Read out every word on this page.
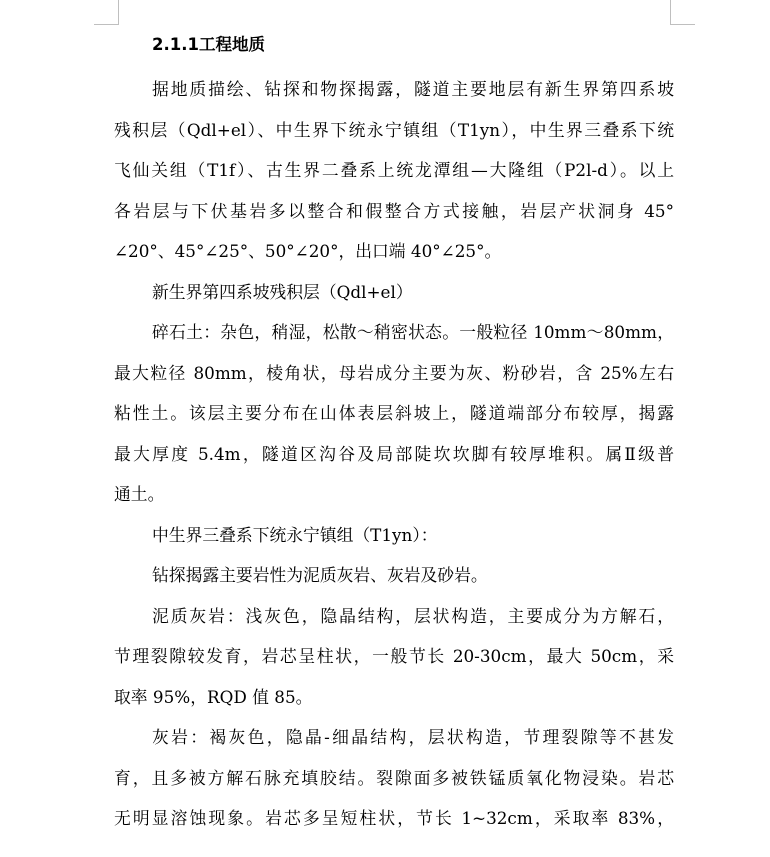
2.1.1工程地质
据地质描绘、钻探和物探揭露，隧道主要地层有新生界第四系坡
残积层（Qdl+el）、中生界下统永宁镇组（T1yn），中生界三叠系下统
飞仙关组（T1f）、古生界二叠系上统龙潭组—大隆组（P2l-d）。以上
各岩层与下伏基岩多以整合和假整合方式接触，岩层产状洞身 45°
∠20°、45°∠25°、50°∠20°，出口端 40°∠25°。
新生界第四系坡残积层（Qdl+el）
碎石土：杂色，稍湿，松散～稍密状态。一般粒径 10mm～80mm，
最大粒径 80mm，棱角状，母岩成分主要为灰、粉砂岩，含 25%左右
粘性土。该层主要分布在山体表层斜坡上，隧道端部分布较厚，揭露
最大厚度 5.4m，隧道区沟谷及局部陡坎坎脚有较厚堆积。属Ⅱ级普
通土。
中生界三叠系下统永宁镇组（T1yn）：
钻探揭露主要岩性为泥质灰岩、灰岩及砂岩。
泥质灰岩：浅灰色，隐晶结构，层状构造，主要成分为方解石，
节理裂隙较发育，岩芯呈柱状，一般节长 20-30cm，最大 50cm，采
取率 95%，RQD 值 85。
灰岩：褐灰色，隐晶-细晶结构，层状构造，节理裂隙等不甚发
育，且多被方解石脉充填胶结。裂隙面多被铁锰质氧化物浸染。岩芯
无明显溶蚀现象。岩芯多呈短柱状，节长 1~32cm，采取率 83%，
